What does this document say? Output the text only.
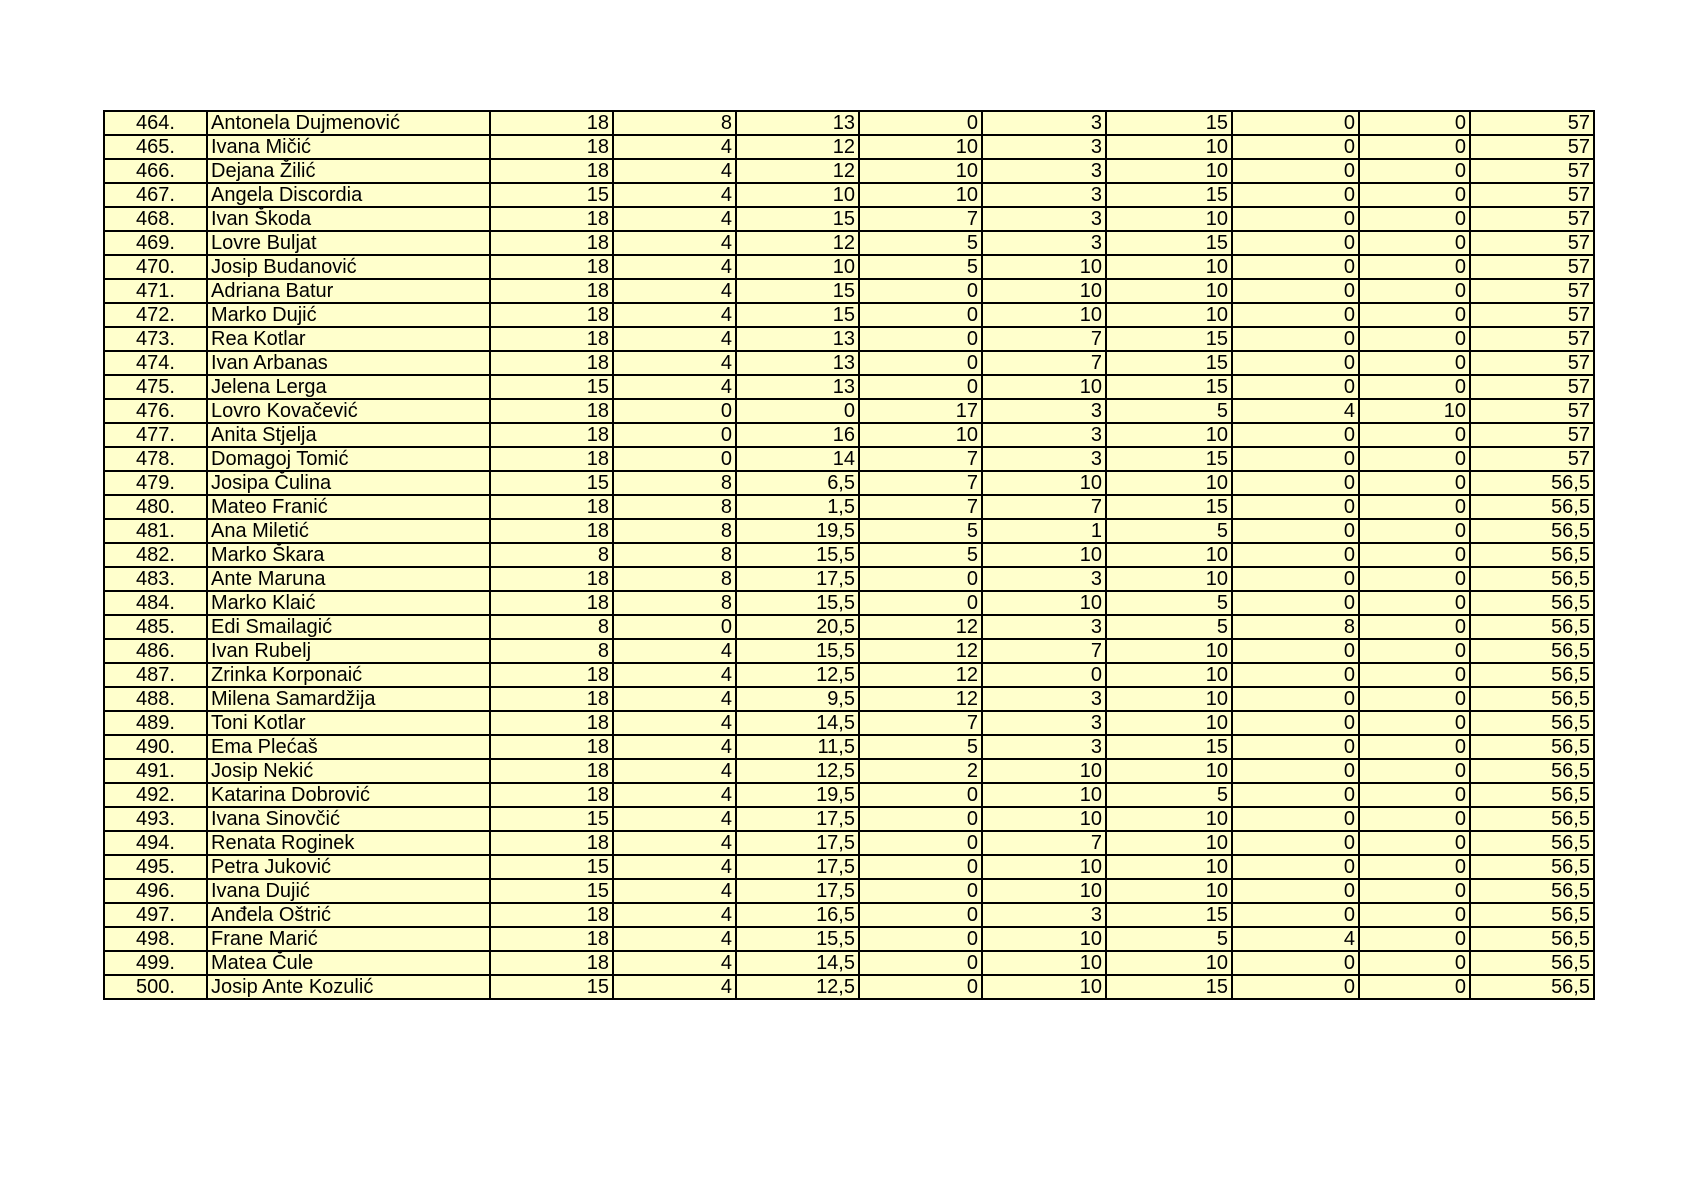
464.	Antonela Dujmenović	18	8	13	0	3	15	0	0	57
465.	Ivana Mičić	18	4	12	10	3	10	0	0	57
466.	Dejana Žilić	18	4	12	10	3	10	0	0	57
467.	Angela Discordia	15	4	10	10	3	15	0	0	57
468.	Ivan Škoda	18	4	15	7	3	10	0	0	57
469.	Lovre Buljat	18	4	12	5	3	15	0	0	57
470.	Josip Budanović	18	4	10	5	10	10	0	0	57
471.	Adriana Batur	18	4	15	0	10	10	0	0	57
472.	Marko Dujić	18	4	15	0	10	10	0	0	57
473.	Rea Kotlar	18	4	13	0	7	15	0	0	57
474.	Ivan Arbanas	18	4	13	0	7	15	0	0	57
475.	Jelena Lerga	15	4	13	0	10	15	0	0	57
476.	Lovro Kovačević	18	0	0	17	3	5	4	10	57
477.	Anita Stjelja	18	0	16	10	3	10	0	0	57
478.	Domagoj Tomić	18	0	14	7	3	15	0	0	57
479.	Josipa Čulina	15	8	6,5	7	10	10	0	0	56,5
480.	Mateo Franić	18	8	1,5	7	7	15	0	0	56,5
481.	Ana Miletić	18	8	19,5	5	1	5	0	0	56,5
482.	Marko Škara	8	8	15,5	5	10	10	0	0	56,5
483.	Ante Maruna	18	8	17,5	0	3	10	0	0	56,5
484.	Marko Klaić	18	8	15,5	0	10	5	0	0	56,5
485.	Edi Smailagić	8	0	20,5	12	3	5	8	0	56,5
486.	Ivan Rubelj	8	4	15,5	12	7	10	0	0	56,5
487.	Zrinka Korponaić	18	4	12,5	12	0	10	0	0	56,5
488.	Milena Samardžija	18	4	9,5	12	3	10	0	0	56,5
489.	Toni Kotlar	18	4	14,5	7	3	10	0	0	56,5
490.	Ema Plećaš	18	4	11,5	5	3	15	0	0	56,5
491.	Josip Nekić	18	4	12,5	2	10	10	0	0	56,5
492.	Katarina Dobrović	18	4	19,5	0	10	5	0	0	56,5
493.	Ivana Sinovčić	15	4	17,5	0	10	10	0	0	56,5
494.	Renata Roginek	18	4	17,5	0	7	10	0	0	56,5
495.	Petra Juković	15	4	17,5	0	10	10	0	0	56,5
496.	Ivana Dujić	15	4	17,5	0	10	10	0	0	56,5
497.	Anđela Oštrić	18	4	16,5	0	3	15	0	0	56,5
498.	Frane Marić	18	4	15,5	0	10	5	4	0	56,5
499.	Matea Čule	18	4	14,5	0	10	10	0	0	56,5
500.	Josip Ante Kozulić	15	4	12,5	0	10	15	0	0	56,5
